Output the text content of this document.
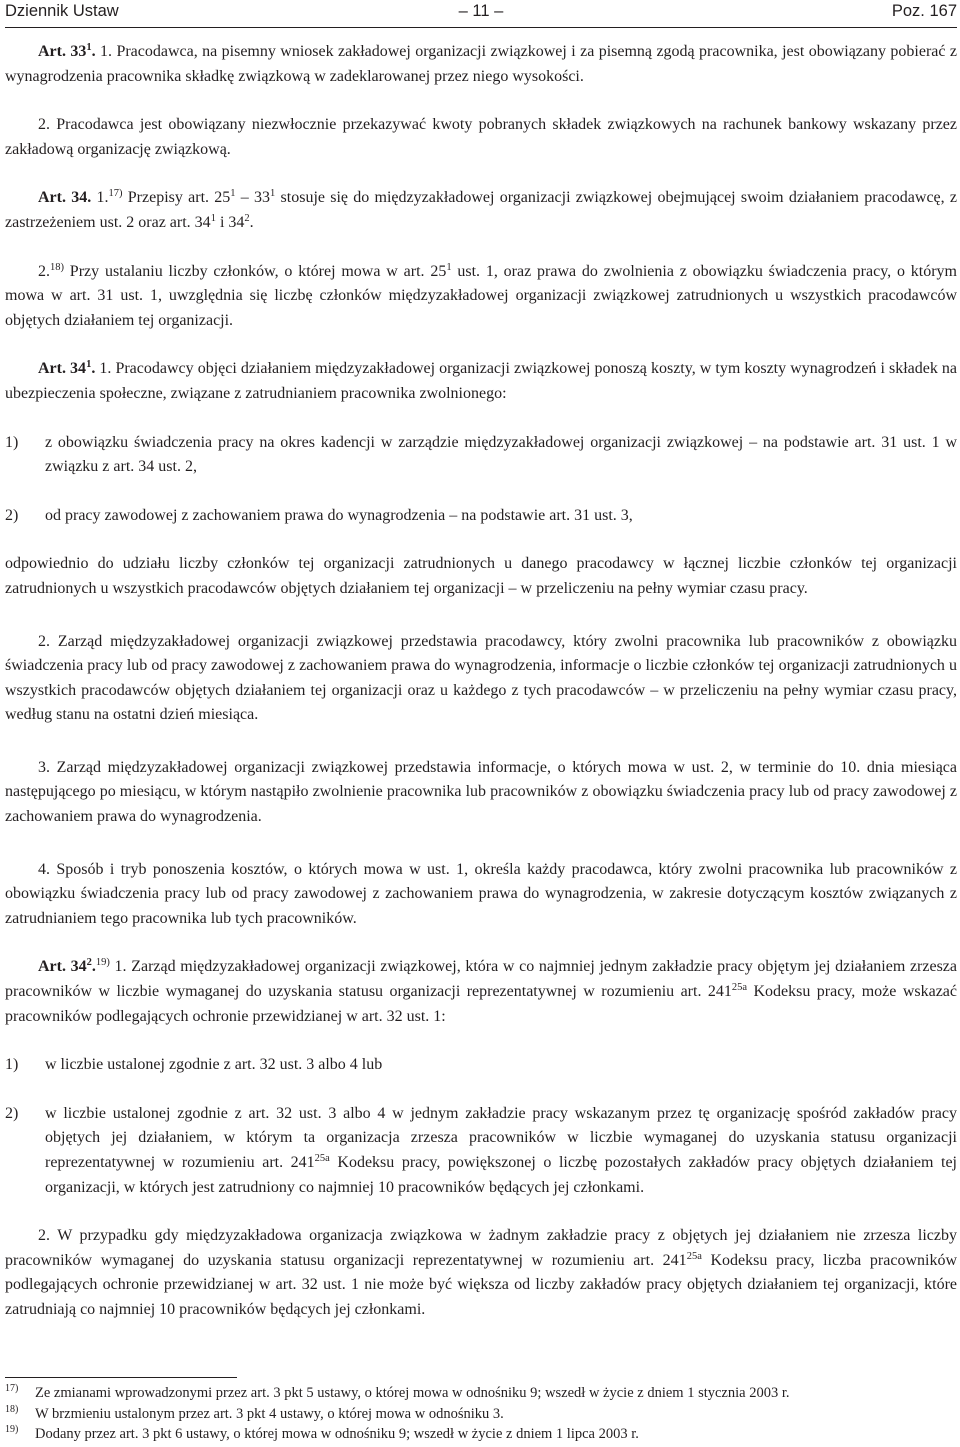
Dziennik Ustaw	– 11 –	Poz. 167

Art. $33^1$. 1. Pracodawca, na pisemny wniosek zakładowej organizacji związkowej i za pisemną zgodą pracownika, jest obowiązany pobierać z wynagrodzenia pracownika składkę związkową w zadeklarowanej przez niego wysokości.

2. Pracodawca jest obowiązany niezwłocznie przekazywać kwoty pobranych składek związkowych na rachunek bankowy wskazany przez zakładową organizację związkową.

Art. 34. 1.$^{17)}$ Przepisy art. $25^1 - 33^1$ stosuje się do międzyzakładowej organizacji związkowej obejmującej swoim działaniem pracodawcę, z zastrzeżeniem ust. 2 oraz art. $34^1$ i $34^2$.

2.$^{18)}$ Przy ustalaniu liczby członków, o której mowa w art. $25^1$ ust. 1, oraz prawa do zwolnienia z obowiązku świadczenia pracy, o którym mowa w art. 31 ust. 1, uwzględnia się liczbę członków międzyzakładowej organizacji związkowej zatrudnionych u wszystkich pracodawców objętych działaniem tej organizacji.

Art. $34^1$. 1. Pracodawcy objęci działaniem międzyzakładowej organizacji związkowej ponoszą koszty, w tym koszty wynagrodzeń i składek na ubezpieczenia społeczne, związane z zatrudnianiem pracownika zwolnionego:

1) z obowiązku świadczenia pracy na okres kadencji w zarządzie międzyzakładowej organizacji związkowej – na podstawie art. 31 ust. 1 w związku z art. 34 ust. 2,

2) od pracy zawodowej z zachowaniem prawa do wynagrodzenia – na podstawie art. 31 ust. 3,

odpowiednio do udziału liczby członków tej organizacji zatrudnionych u danego pracodawcy w łącznej liczbie członków tej organizacji zatrudnionych u wszystkich pracodawców objętych działaniem tej organizacji – w przeliczeniu na pełny wymiar czasu pracy.

2. Zarząd międzyzakładowej organizacji związkowej przedstawia pracodawcy, który zwolni pracownika lub pracowników z obowiązku świadczenia pracy lub od pracy zawodowej z zachowaniem prawa do wynagrodzenia, informacje o liczbie członków tej organizacji zatrudnionych u wszystkich pracodawców objętych działaniem tej organizacji oraz u każdego z tych pracodawców – w przeliczeniu na pełny wymiar czasu pracy, według stanu na ostatni dzień miesiąca.

3. Zarząd międzyzakładowej organizacji związkowej przedstawia informacje, o których mowa w ust. 2, w terminie do 10. dnia miesiąca następującego po miesiącu, w którym nastąpiło zwolnienie pracownika lub pracowników z obowiązku świadczenia pracy lub od pracy zawodowej z zachowaniem prawa do wynagrodzenia.

4. Sposób i tryb ponoszenia kosztów, o których mowa w ust. 1, określa każdy pracodawca, który zwolni pracownika lub pracowników z obowiązku świadczenia pracy lub od pracy zawodowej z zachowaniem prawa do wynagrodzenia, w zakresie dotyczącym kosztów związanych z zatrudnianiem tego pracownika lub tych pracowników.

Art. $34^2.^{19)}$ 1. Zarząd międzyzakładowej organizacji związkowej, która w co najmniej jednym zakładzie pracy objętym jej działaniem zrzesza pracowników w liczbie wymaganej do uzyskania statusu organizacji reprezentatywnej w rozumieniu art. $241^{25a}$ Kodeksu pracy, może wskazać pracowników podlegających ochronie przewidzianej w art. 32 ust. 1:

1) w liczbie ustalonej zgodnie z art. 32 ust. 3 albo 4 lub

2) w liczbie ustalonej zgodnie z art. 32 ust. 3 albo 4 w jednym zakładzie pracy wskazanym przez tę organizację spośród zakładów pracy objętych jej działaniem, w którym ta organizacja zrzesza pracowników w liczbie wymaganej do uzyskania statusu organizacji reprezentatywnej w rozumieniu art. $241^{25a}$ Kodeksu pracy, powiększonej o liczbę pozostałych zakładów pracy objętych działaniem tej organizacji, w których jest zatrudniony co najmniej 10 pracowników będących jej członkami.

2. W przypadku gdy międzyzakładowa organizacja związkowa w żadnym zakładzie pracy z objętych jej działaniem nie zrzesza liczby pracowników wymaganej do uzyskania statusu organizacji reprezentatywnej w rozumieniu art. $241^{25a}$ Kodeksu pracy, liczba pracowników podlegających ochronie przewidzianej w art. 32 ust. 1 nie może być większa od liczby zakładów pracy objętych działaniem tej organizacji, które zatrudniają co najmniej 10 pracowników będących jej członkami.

17) Ze zmianami wprowadzonymi przez art. 3 pkt 5 ustawy, o której mowa w odnośniku 9; wszedł w życie z dniem 1 stycznia 2003 r.
18) W brzmieniu ustalonym przez art. 3 pkt 4 ustawy, o której mowa w odnośniku 3.
19) Dodany przez art. 3 pkt 6 ustawy, o której mowa w odnośniku 9; wszedł w życie z dniem 1 lipca 2003 r.
